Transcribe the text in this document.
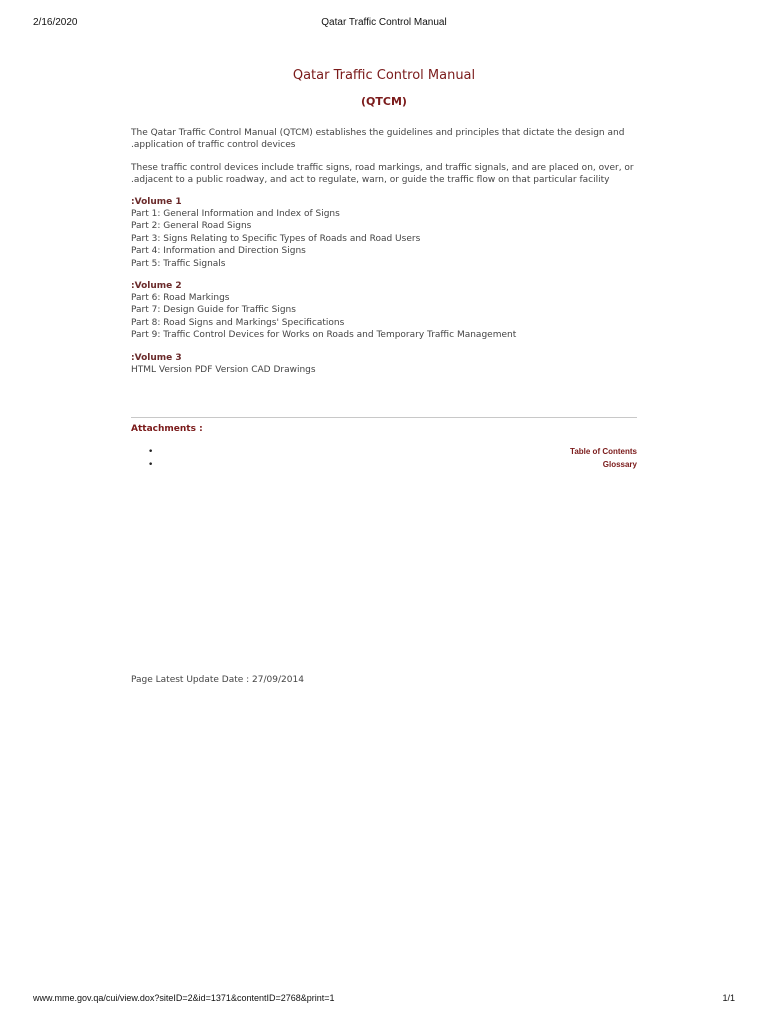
2/16/2020	Qatar Traffic Control Manual
Qatar Traffic Control Manual
(QTCM)

The Qatar Traffic Control Manual (QTCM) establishes the guidelines and principles that dictate the design and
.application of traffic control devices

These traffic control devices include traffic signs, road markings, and traffic signals, and are placed on, over, or
.adjacent to a public roadway, and act to regulate, warn, or guide the traffic flow on that particular facility

:Volume 1
Part 1: General Information and Index of Signs
Part 2: General Road Signs
Part 3: Signs Relating to Specific Types of Roads and Road Users
Part 4: Information and Direction Signs
Part 5: Traffic Signals
:Volume 2
Part 6: Road Markings
Part 7: Design Guide for Traffic Signs
Part 8: Road Signs and Markings' Specifications
Part 9: Traffic Control Devices for Works on Roads and Temporary Traffic Management
:Volume 3
HTML Version PDF Version CAD Drawings
Attachments :
•	Table of Contents
•	Glossary
Page Latest Update Date : 27/09/2014
www.mme.gov.qa/cui/view.dox?siteID=2&id=1371&contentID=2768&print=1	1/1
